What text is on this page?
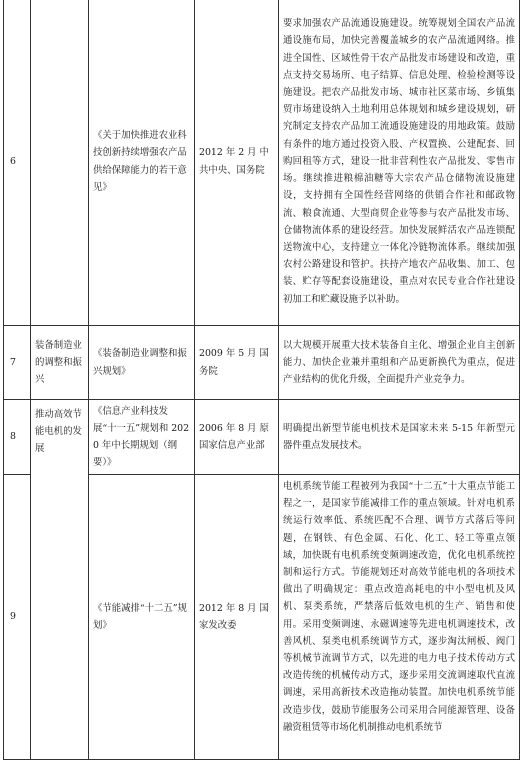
6		《关于加快推进农业科技创新持续增强农产品供给保障能力的若干意见》	2012 年 2 月 中共中央、国务院	要求加强农产品流通设施建设。统筹规划全国农产品流通设施布局，加快完善覆盖城乡的农产品流通网络。推进全国性、区域性骨干农产品批发市场建设和改造，重点支持交易场所、电子结算、信息处理、检验检测等设施建设。把农产品批发市场、城市社区菜市场、乡镇集贸市场建设纳入土地利用总体规划和城乡建设规划，研究制定支持农产品加工流通设施建设的用地政策。鼓励有条件的地方通过投资入股、产权置换、公建配套、回购回租等方式，建设一批非营利性农产品批发、零售市场。继续推进粮棉油糖等大宗农产品仓储物流设施建设，支持拥有全国性经营网络的供销合作社和邮政物流、粮食流通、大型商贸企业等参与农产品批发市场、仓储物流体系的建设经营。加快发展鲜活农产品连锁配送物流中心，支持建立一体化冷链物流体系。继续加强农村公路建设和管护。扶持产地农产品收集、加工、包装、贮存等配套设施建设，重点对农民专业合作社建设初加工和贮藏设施予以补助。
7	装备制造业的调整和振兴	《装备制造业调整和振兴规划》	2009 年 5 月 国务院	以大规模开展重大技术装备自主化、增强企业自主创新能力、加快企业兼并重组和产品更新换代为重点，促进产业结构的优化升级，全面提升产业竞争力。
8	推动高效节能电机的发展	《信息产业科技发展“十一五”规划和 2020 年中长期规划（纲要）》	2006 年 8 月 原国家信息产业部	明确提出新型节能电机技术是国家未来 5-15 年新型元器件重点发展技术。
9		《节能减排“十二五”规划》	2012 年 8 月 国家发改委	电机系统节能工程被列为我国“十二五”十大重点节能工程之一，是国家节能减排工作的重点领域。针对电机系统运行效率低、系统匹配不合理、调节方式落后等问题，在钢铁、有色金属、石化、化工、轻工等重点领域，加快既有电机系统变频调速改造，优化电机系统控制和运行方式。节能规划还对高效节能电机的各项技术做出了明确规定：重点改造高耗电的中小型电机及风机、泵类系统，严禁落后低效电机的生产、销售和使用。采用变频调速、永磁调速等先进电机调速技术，改善风机、泵类电机系统调节方式，逐步淘汰闸板、阀门等机械节流调节方式，以先进的电力电子技术传动方式改造传统的机械传动方式，逐步采用交流调速取代直流调速，采用高新技术改造拖动装置。加快电机系统节能改造步伐，鼓励节能服务公司采用合同能源管理、设备融资租赁等市场化机制推动电机系统节
